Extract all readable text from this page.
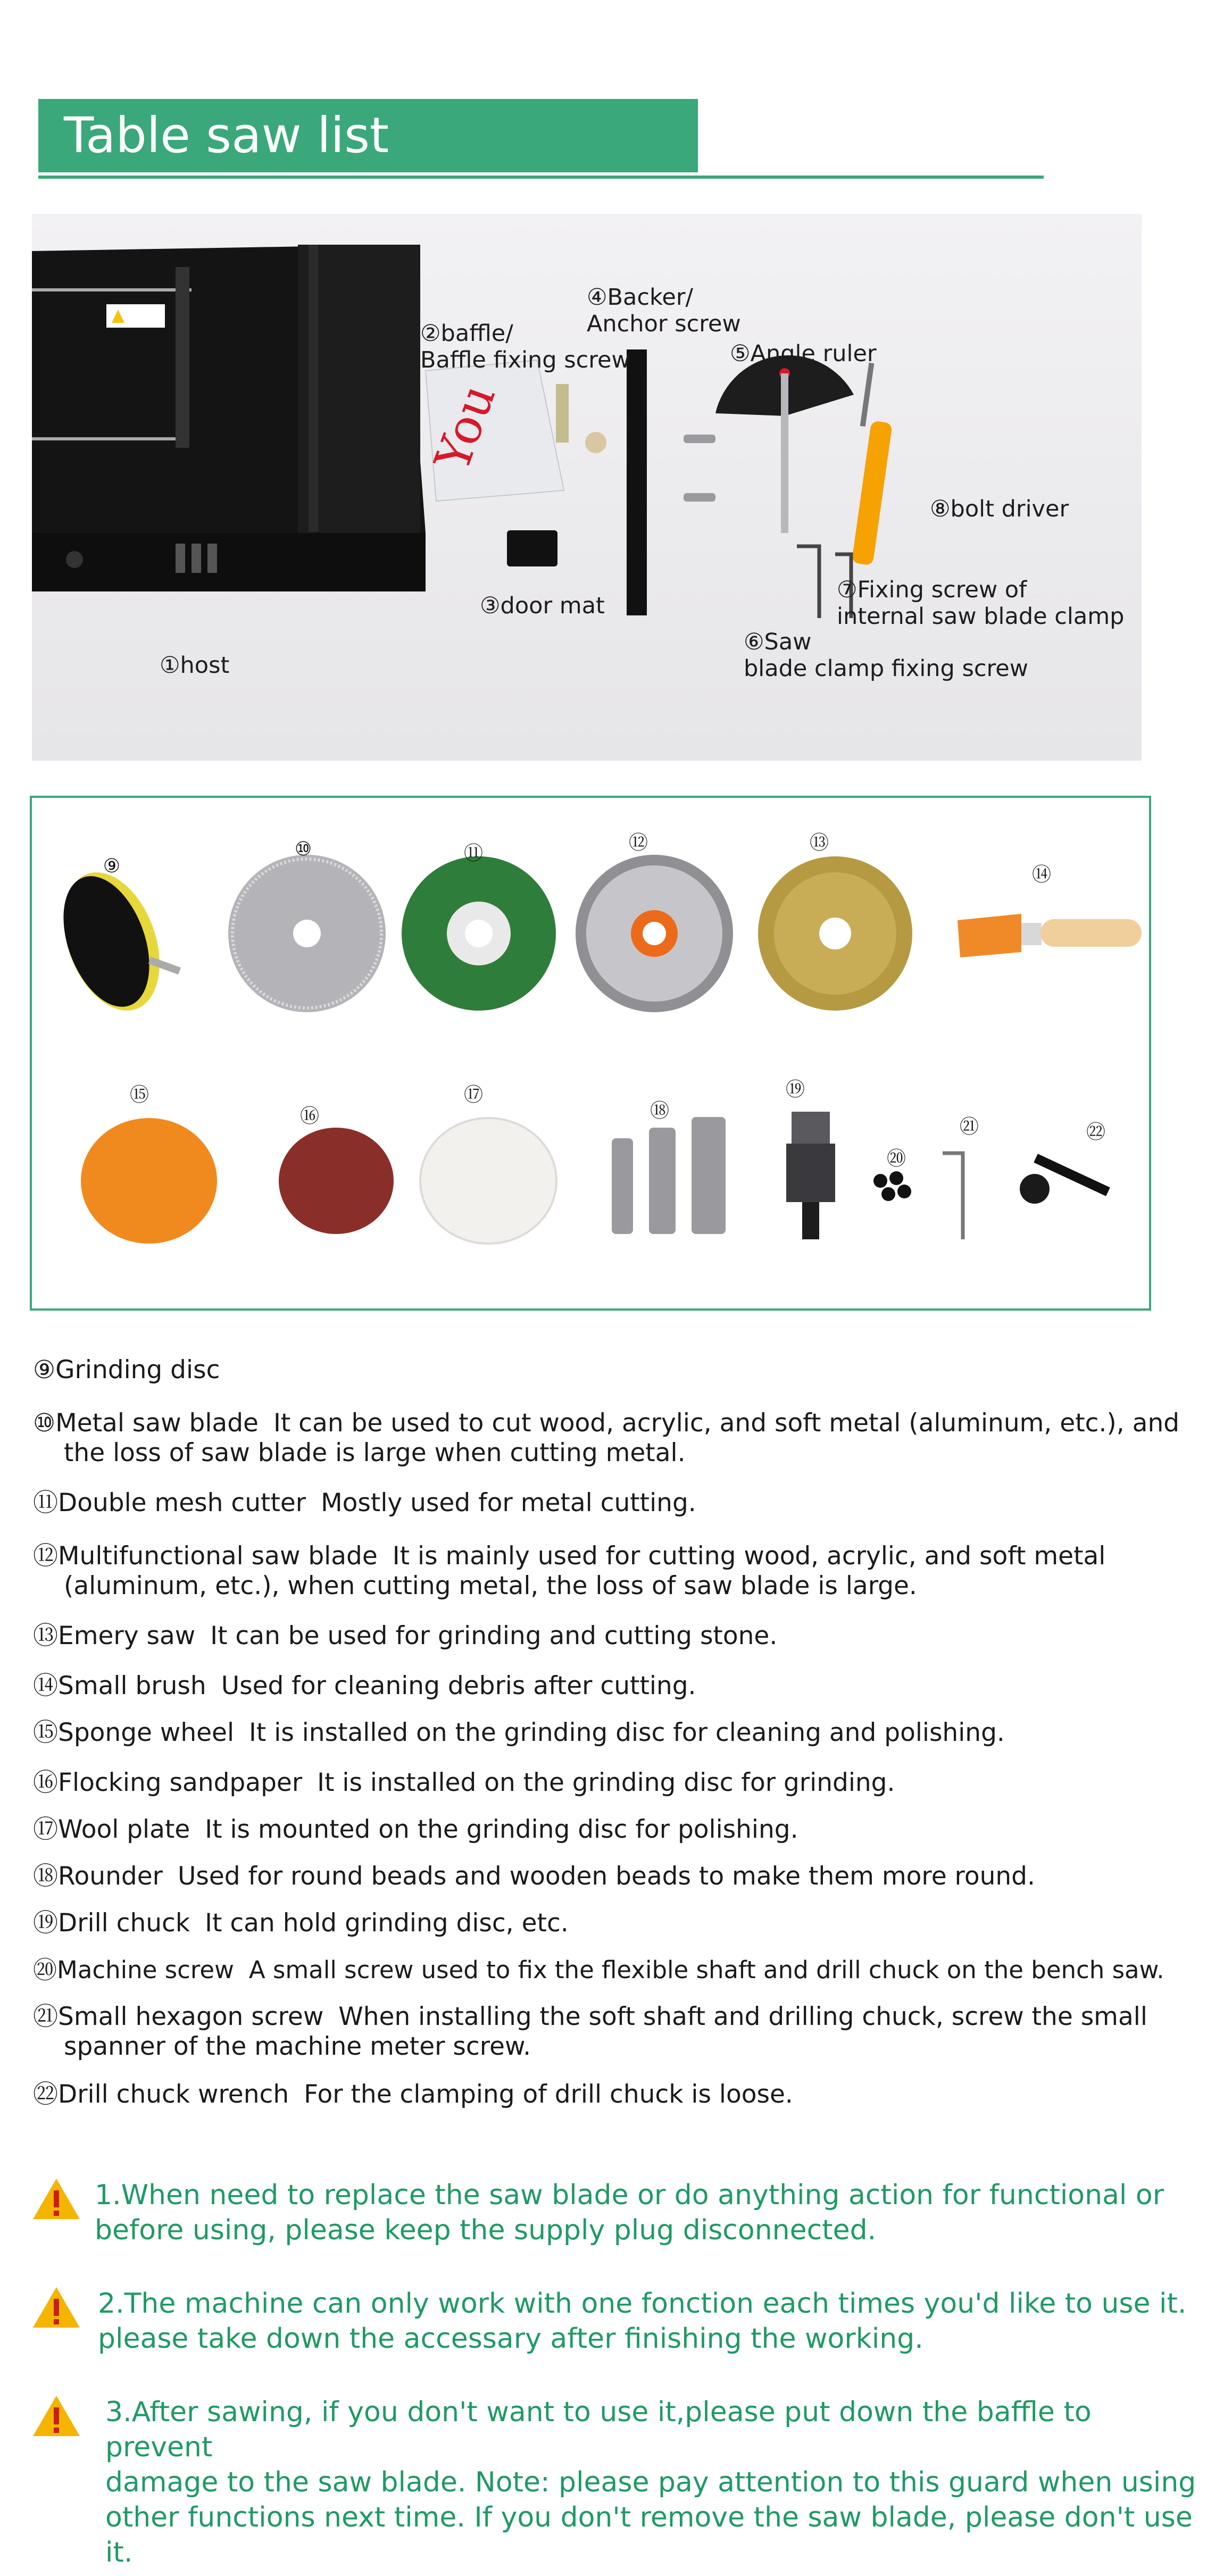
Table saw list
You
①host
②baffle/
Baffle fixing screw
③door mat
④Backer/
Anchor screw
⑤Angle ruler
⑧bolt driver
⑦Fixing screw of
internal saw blade clamp
⑥Saw
blade clamp fixing screw
⑨
⑩	⑪	⑫	⑬
⑭
⑮
⑯
⑰
⑱
⑲
⑳
㉑	㉒
⑨Grinding disc
⑩Metal saw blade It can be used to cut wood, acrylic, and soft metal (aluminum, etc.), and
the loss of saw blade is large when cutting metal.
⑪Double mesh cutter Mostly used for metal cutting.
⑫Multifunctional saw blade It is mainly used for cutting wood, acrylic, and soft metal
(aluminum, etc.), when cutting metal, the loss of saw blade is large.
⑬Emery saw It can be used for grinding and cutting stone.
⑭Small brush Used for cleaning debris after cutting.
⑮Sponge wheel It is installed on the grinding disc for cleaning and polishing.
⑯Flocking sandpaper It is installed on the grinding disc for grinding.
⑰Wool plate It is mounted on the grinding disc for polishing.
⑱Rounder Used for round beads and wooden beads to make them more round.
⑲Drill chuck It can hold grinding disc, etc.
⑳Machine screw A small screw used to fix the flexible shaft and drill chuck on the bench saw.
㉑Small hexagon screw When installing the soft shaft and drilling chuck, screw the small
spanner of the machine meter screw.
㉒Drill chuck wrench For the clamping of drill chuck is loose.
1.When need to replace the saw blade or do anything action for functional or
before using, please keep the supply plug disconnected.
2.The machine can only work with one fonction each times you'd like to use it.
please take down the accessary after finishing the working.
3.After sawing, if you don't want to use it,please put down the baffle to prevent
damage to the saw blade. Note: please pay attention to this guard when using
other functions next time. If you don't remove the saw blade, please don't use it.
